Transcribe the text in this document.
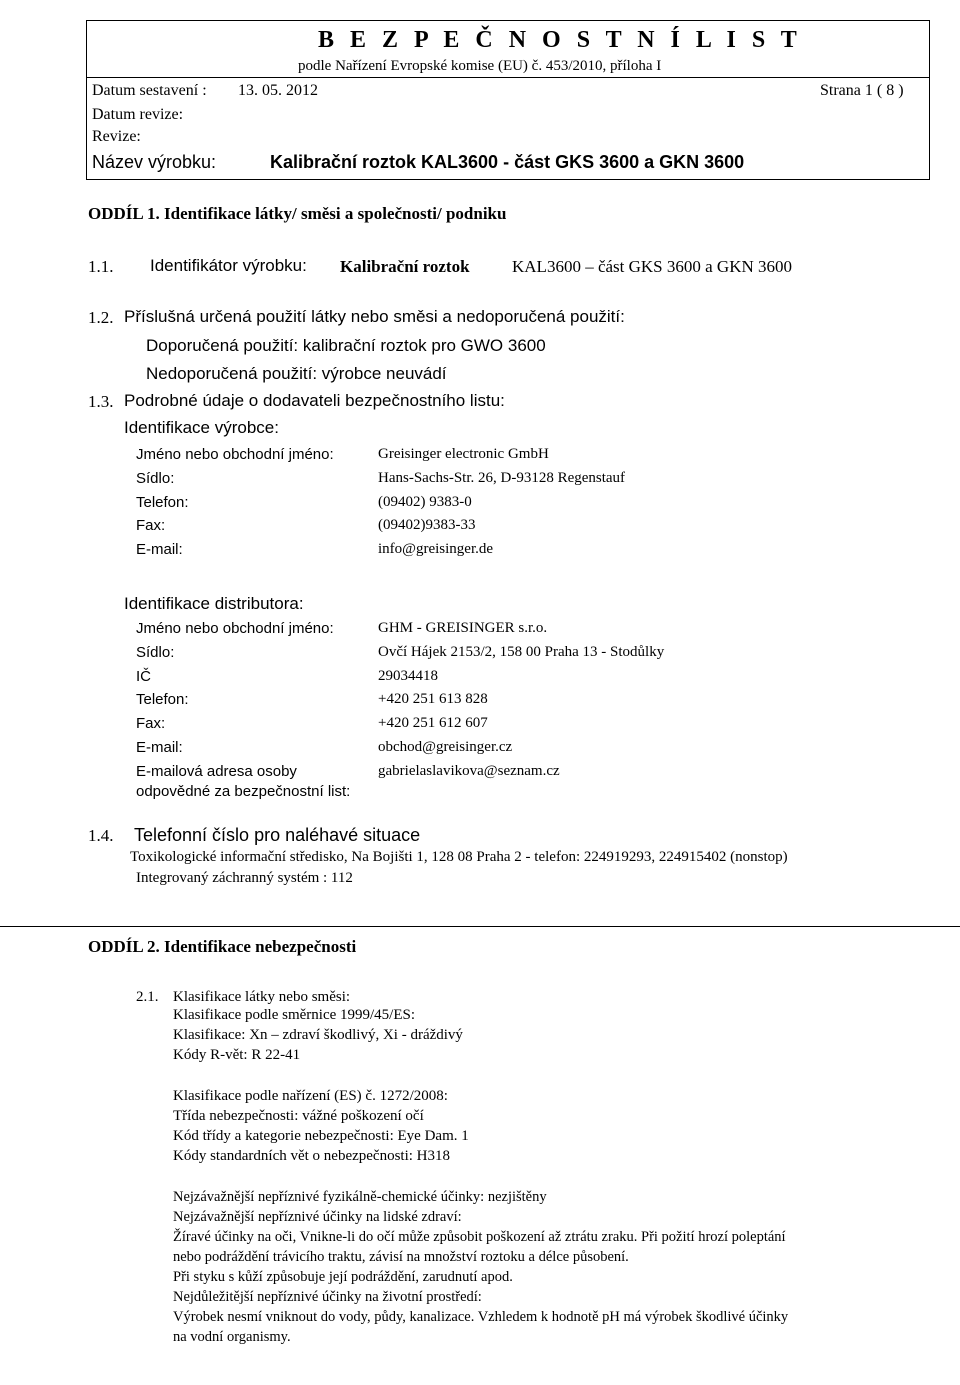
B E Z P E Č N O S T N Í L I S T
podle Nařízení Evropské komise (EU) č. 453/2010, příloha I
Datum sestavení : 13. 05. 2012	Strana 1 ( 8 )
Datum revize:
Revize:
Název výrobku:	Kalibrační roztok KAL3600 - část GKS 3600 a GKN 3600
ODDÍL 1. Identifikace látky/ směsi a společnosti/ podniku
1.1. Identifikátor výrobku: Kalibrační roztok KAL3600 – část GKS 3600 a GKN 3600
1.2. Příslušná určená použití látky nebo směsi a nedoporučená použití:
Doporučená použití: kalibrační roztok pro GWO 3600
Nedoporučená použití: výrobce neuvádí
1.3. Podrobné údaje o dodavateli bezpečnostního listu:
Identifikace výrobce:
Jméno nebo obchodní jméno:	Greisinger electronic GmbH
Sídlo:	Hans-Sachs-Str. 26, D-93128 Regenstauf
Telefon:	(09402) 9383-0
Fax:	(09402)9383-33
E-mail:	info@greisinger.de
Identifikace distributora:
Jméno nebo obchodní jméno:	GHM - GREISINGER s.r.o.
Sídlo:	Ovčí Hájek 2153/2, 158 00 Praha 13 - Stodůlky
IČ	29034418
Telefon:	+420 251 613 828
Fax:	+420 251 612 607
E-mail:	obchod@greisinger.cz
E-mailová adresa osoby	gabrielaslavikova@seznam.cz
odpovědné za bezpečnostní list:
1.4. Telefonní číslo pro naléhavé situace
Toxikologické informační středisko, Na Bojišti 1, 128 08 Praha 2 - telefon: 224919293, 224915402 (nonstop)
Integrovaný záchranný systém : 112
ODDÍL 2. Identifikace nebezpečnosti
2.1. Klasifikace látky nebo směsi:
Klasifikace podle směrnice 1999/45/ES:
Klasifikace: Xn – zdraví škodlivý, Xi - dráždivý
Kódy R-vět: R 22-41
Klasifikace podle nařízení (ES) č. 1272/2008:
Třída nebezpečnosti: vážné poškození očí
Kód třídy a kategorie nebezpečnosti: Eye Dam. 1
Kódy standardních vět o nebezpečnosti: H318
Nejzávažnější nepříznivé fyzikálně-chemické účinky: nezjištěny
Nejzávažnější nepříznivé účinky na lidské zdraví:
Žíravé účinky na oči, Vnikne-li do očí může způsobit poškození až ztrátu zraku. Při požití hrozí poleptání
nebo podráždění trávicího traktu, závisí na množství roztoku a délce působení.
Při styku s kůží způsobuje její podráždění, zarudnutí apod.
Nejdůležitější nepříznivé účinky na životní prostředí:
Výrobek nesmí vniknout do vody, půdy, kanalizace. Vzhledem k hodnotě pH má výrobek škodlivé účinky
na vodní organismy.
